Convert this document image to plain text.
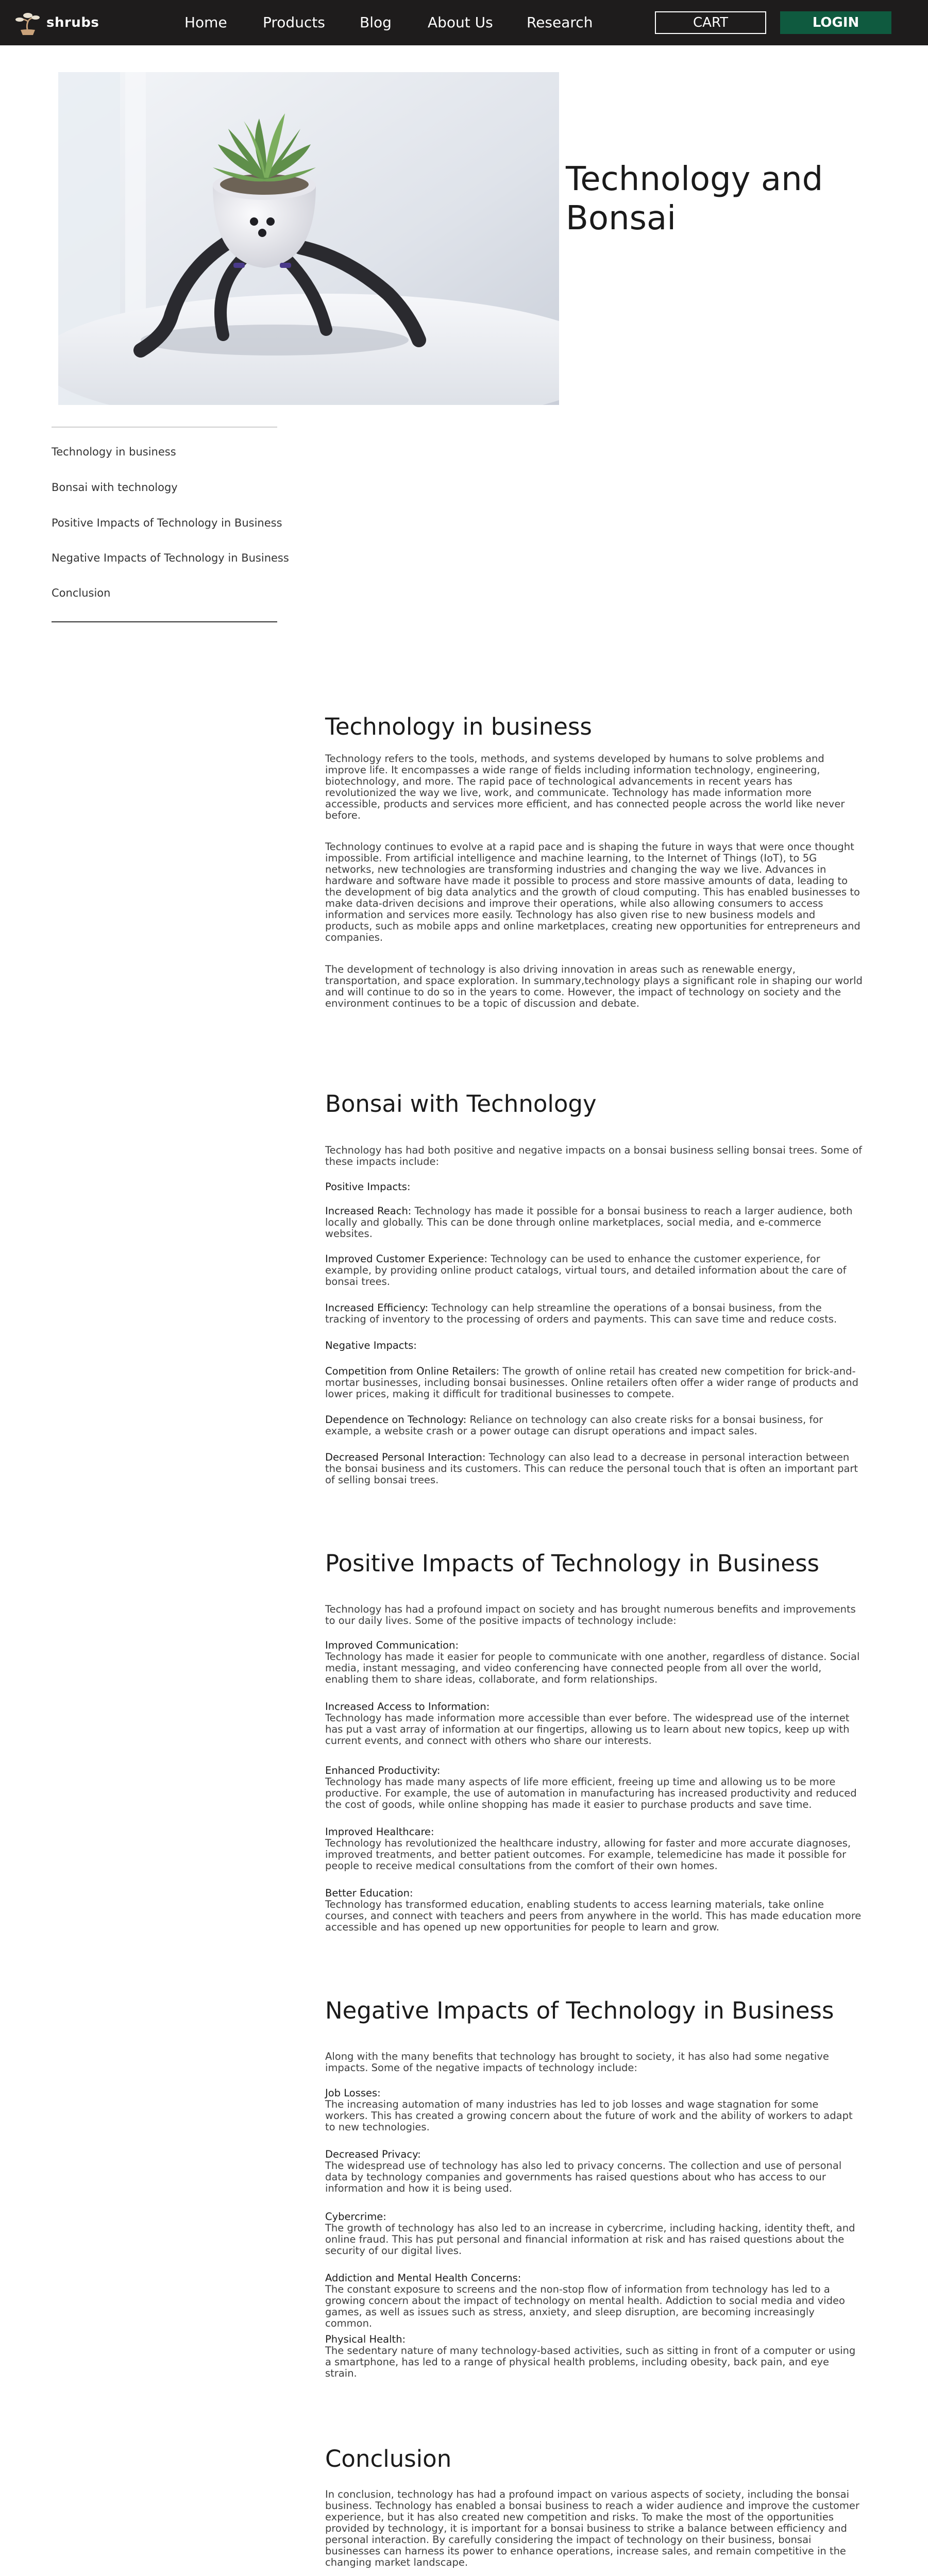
shrubs	Home Products Blog	About Us Research	CART	LOGIN
Technology and Bonsai
Technology in business
Bonsai with technology
Positive Impacts of Technology in Business
Negative Impacts of Technology in Business
Conclusion
Technology in business

Technology refers to the tools, methods, and systems developed by humans to solve problems and improve life. It encompasses a wide range of fields including information technology, engineering, biotechnology, and more. The rapid pace of technological advancements in recent years has revolutionized the way we live, work, and communicate. Technology has made information more accessible, products and services more efficient, and has connected people across the world like never before.

Technology continues to evolve at a rapid pace and is shaping the future in ways that were once thought impossible. From artificial intelligence and machine learning, to the Internet of Things (IoT), to 5G networks, new technologies are transforming industries and changing the way we live. Advances in hardware and software have made it possible to process and store massive amounts of data, leading to the development of big data analytics and the growth of cloud computing. This has enabled businesses to make data-driven decisions and improve their operations, while also allowing consumers to access information and services more easily. Technology has also given rise to new business models and products, such as mobile apps and online marketplaces, creating new opportunities for entrepreneurs and companies.

The development of technology is also driving innovation in areas such as renewable energy, transportation, and space exploration. In summary,technology plays a significant role in shaping our world and will continue to do so in the years to come. However, the impact of technology on society and the environment continues to be a topic of discussion and debate.

Bonsai with Technology

Technology has had both positive and negative impacts on a bonsai business selling bonsai trees. Some of these impacts include:

Positive Impacts:

Increased Reach: Technology has made it possible for a bonsai business to reach a larger audience, both locally and globally. This can be done through online marketplaces, social media, and e-commerce websites.

Improved Customer Experience: Technology can be used to enhance the customer experience, for example, by providing online product catalogs, virtual tours, and detailed information about the care of bonsai trees.

Increased Efficiency: Technology can help streamline the operations of a bonsai business, from the tracking of inventory to the processing of orders and payments. This can save time and reduce costs.

Negative Impacts:

Competition from Online Retailers: The growth of online retail has created new competition for brick-and-mortar businesses, including bonsai businesses. Online retailers often offer a wider range of products and lower prices, making it difficult for traditional businesses to compete.

Dependence on Technology: Reliance on technology can also create risks for a bonsai business, for example, a website crash or a power outage can disrupt operations and impact sales.

Decreased Personal Interaction: Technology can also lead to a decrease in personal interaction between the bonsai business and its customers. This can reduce the personal touch that is often an important part of selling bonsai trees.

Positive Impacts of Technology in Business

Technology has had a profound impact on society and has brought numerous benefits and improvements to our daily lives. Some of the positive impacts of technology include:

Improved Communication:
Technology has made it easier for people to communicate with one another, regardless of distance. Social media, instant messaging, and video conferencing have connected people from all over the world, enabling them to share ideas, collaborate, and form relationships.

Increased Access to Information:
Technology has made information more accessible than ever before. The widespread use of the internet has put a vast array of information at our fingertips, allowing us to learn about new topics, keep up with current events, and connect with others who share our interests.

Enhanced Productivity:
Technology has made many aspects of life more efficient, freeing up time and allowing us to be more productive. For example, the use of automation in manufacturing has increased productivity and reduced the cost of goods, while online shopping has made it easier to purchase products and save time.

Improved Healthcare:
Technology has revolutionized the healthcare industry, allowing for faster and more accurate diagnoses, improved treatments, and better patient outcomes. For example, telemedicine has made it possible for people to receive medical consultations from the comfort of their own homes.

Better Education:
Technology has transformed education, enabling students to access learning materials, take online courses, and connect with teachers and peers from anywhere in the world. This has made education more accessible and has opened up new opportunities for people to learn and grow.

Negative Impacts of Technology in Business

Along with the many benefits that technology has brought to society, it has also had some negative impacts. Some of the negative impacts of technology include:

Job Losses:
The increasing automation of many industries has led to job losses and wage stagnation for some workers. This has created a growing concern about the future of work and the ability of workers to adapt to new technologies.

Decreased Privacy:
The widespread use of technology has also led to privacy concerns. The collection and use of personal data by technology companies and governments has raised questions about who has access to our information and how it is being used.

Cybercrime:
The growth of technology has also led to an increase in cybercrime, including hacking, identity theft, and online fraud. This has put personal and financial information at risk and has raised questions about the security of our digital lives.

Addiction and Mental Health Concerns:
The constant exposure to screens and the non-stop flow of information from technology has led to a growing concern about the impact of technology on mental health. Addiction to social media and video games, as well as issues such as stress, anxiety, and sleep disruption, are becoming increasingly common.

Physical Health:
The sedentary nature of many technology-based activities, such as sitting in front of a computer or using a smartphone, has led to a range of physical health problems, including obesity, back pain, and eye strain.

Conclusion

In conclusion, technology has had a profound impact on various aspects of society, including the bonsai business. Technology has enabled a bonsai business to reach a wider audience and improve the customer experience, but it has also created new competition and risks. To make the most of the opportunities provided by technology, it is important for a bonsai business to strike a balance between efficiency and personal interaction. By carefully considering the impact of technology on their business, bonsai businesses can harness its power to enhance operations, increase sales, and remain competitive in the changing market landscape.
